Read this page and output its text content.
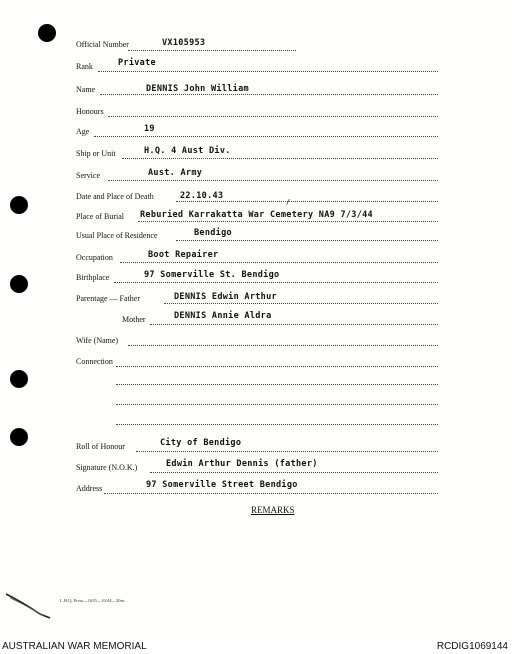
Official Number	VX105953
Rank	Private
Name	DENNIS John William
Honours
Age	19
Ship or Unit	H.Q. 4 Aust Div.
Service	Aust. Army
Date and Place of Death	22.10.43
Place of Burial Reburied Karrakatta War Cemetery NA9 7/3/44
/
Usual Place of Residence	Bendigo
Occupation	Boot Repairer
Birthplace	97 Somerville St. Bendigo
Parentage — Father	DENNIS Edwin Arthur
Mother	DENNIS Annie Aldra
Wife (Name)
Connection
Roll of Honour	City of Bendigo
Signature (N.O.K.)	Edwin Arthur Dennis (father)
Address	97 Somerville Street Bendigo
REMARKS
L.H.Q. Press—1635—10/44—20m.
AUSTRALIAN WAR MEMORIAL	RCDIG1069144
